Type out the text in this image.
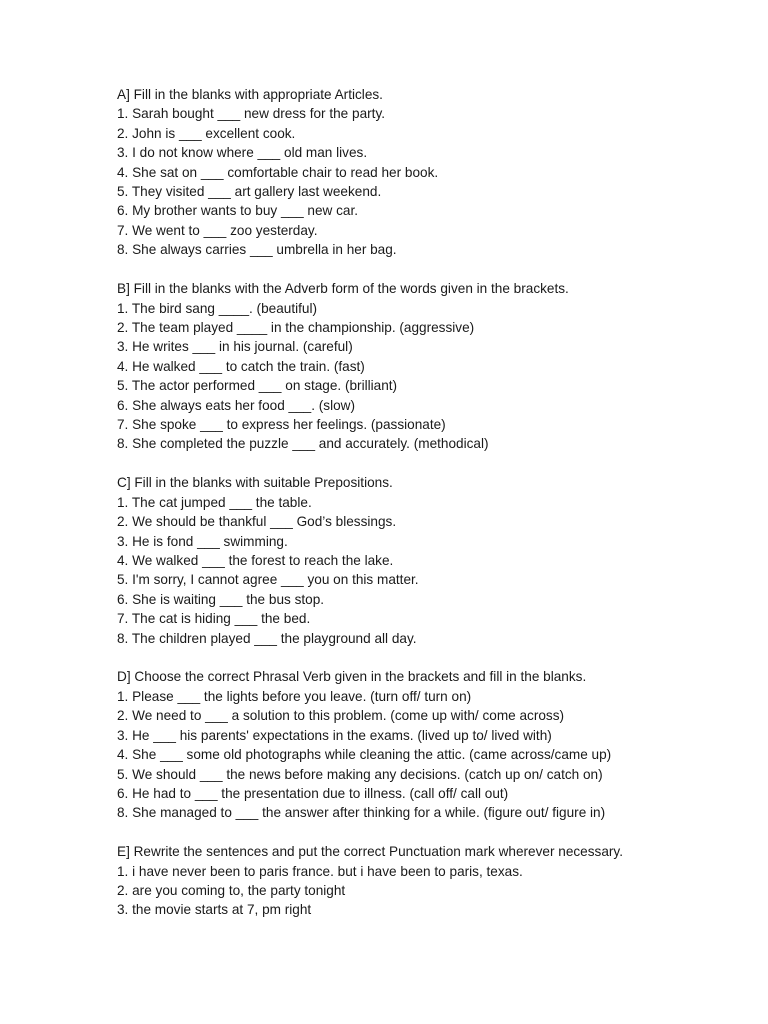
A] Fill in the blanks with appropriate Articles.

1. Sarah bought ___ new dress for the party.

2. John is ___ excellent cook.

3. I do not know where ___ old man lives.

4. She sat on ___ comfortable chair to read her book.

5. They visited ___ art gallery last weekend.

6. My brother wants to buy ___ new car.

7. We went to ___ zoo yesterday.

8. She always carries ___ umbrella in her bag.

B] Fill in the blanks with the Adverb form of the words given in the brackets.

1. The bird sang ____. (beautiful)

2. The team played ____ in the championship. (aggressive)

3. He writes ___ in his journal. (careful)

4. He walked ___ to catch the train. (fast)

5. The actor performed ___ on stage. (brilliant)

6. She always eats her food ___. (slow)

7. She spoke ___ to express her feelings. (passionate)

8. She completed the puzzle ___ and accurately. (methodical)

C] Fill in the blanks with suitable Prepositions.

1. The cat jumped ___ the table.

2. We should be thankful ___ God’s blessings.

3. He is fond ___ swimming.

4. We walked ___ the forest to reach the lake.

5. I'm sorry, I cannot agree ___ you on this matter.

6. She is waiting ___ the bus stop.

7. The cat is hiding ___ the bed.

8. The children played ___ the playground all day.

D] Choose the correct Phrasal Verb given in the brackets and fill in the blanks.

1. Please ___ the lights before you leave. (turn off/ turn on)

2. We need to ___ a solution to this problem. (come up with/ come across)

3. He ___ his parents' expectations in the exams. (lived up to/ lived with)

4. She ___ some old photographs while cleaning the attic. (came across/came up)

5. We should ___ the news before making any decisions. (catch up on/ catch on)

6. He had to ___ the presentation due to illness. (call off/ call out)

8. She managed to ___ the answer after thinking for a while. (figure out/ figure in)

E] Rewrite the sentences and put the correct Punctuation mark wherever necessary.

1. i have never been to paris france. but i have been to paris, texas.

2. are you coming to, the party tonight

3. the movie starts at 7, pm right
